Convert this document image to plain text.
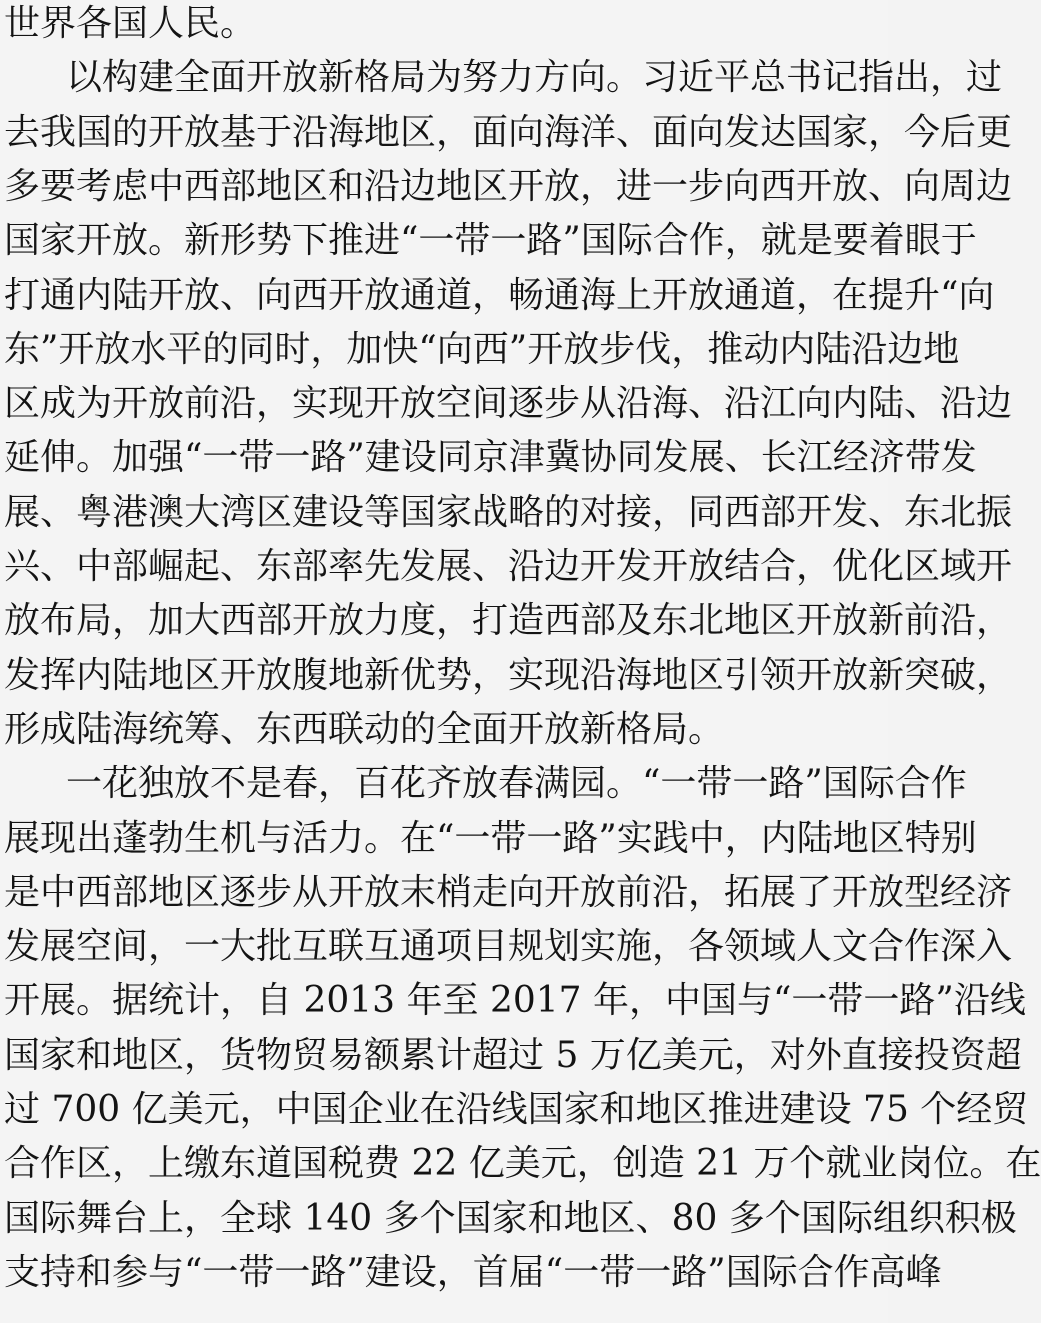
世界各国人民。
以构建全面开放新格局为努力方向。习近平总书记指出，过
去我国的开放基于沿海地区，面向海洋、面向发达国家，今后更
多要考虑中西部地区和沿边地区开放，进一步向西开放、向周边
国家开放。新形势下推进“一带一路”国际合作，就是要着眼于
打通内陆开放、向西开放通道，畅通海上开放通道，在提升“向
东”开放水平的同时，加快“向西”开放步伐，推动内陆沿边地
区成为开放前沿，实现开放空间逐步从沿海、沿江向内陆、沿边
延伸。加强“一带一路”建设同京津冀协同发展、长江经济带发
展、粤港澳大湾区建设等国家战略的对接，同西部开发、东北振
兴、中部崛起、东部率先发展、沿边开发开放结合，优化区域开
放布局，加大西部开放力度，打造西部及东北地区开放新前沿，
发挥内陆地区开放腹地新优势，实现沿海地区引领开放新突破，
形成陆海统筹、东西联动的全面开放新格局。
一花独放不是春，百花齐放春满园。“一带一路”国际合作
展现出蓬勃生机与活力。在“一带一路”实践中，内陆地区特别
是中西部地区逐步从开放末梢走向开放前沿，拓展了开放型经济
发展空间，一大批互联互通项目规划实施，各领域人文合作深入
开展。据统计，自 2013 年至 2017 年，中国与“一带一路”沿线
国家和地区，货物贸易额累计超过 5 万亿美元，对外直接投资超
过 700 亿美元，中国企业在沿线国家和地区推进建设 75 个经贸
合作区，上缴东道国税费 22 亿美元，创造 21 万个就业岗位。在
国际舞台上，全球 140 多个国家和地区、80 多个国际组织积极
支持和参与“一带一路”建设，首届“一带一路”国际合作高峰
